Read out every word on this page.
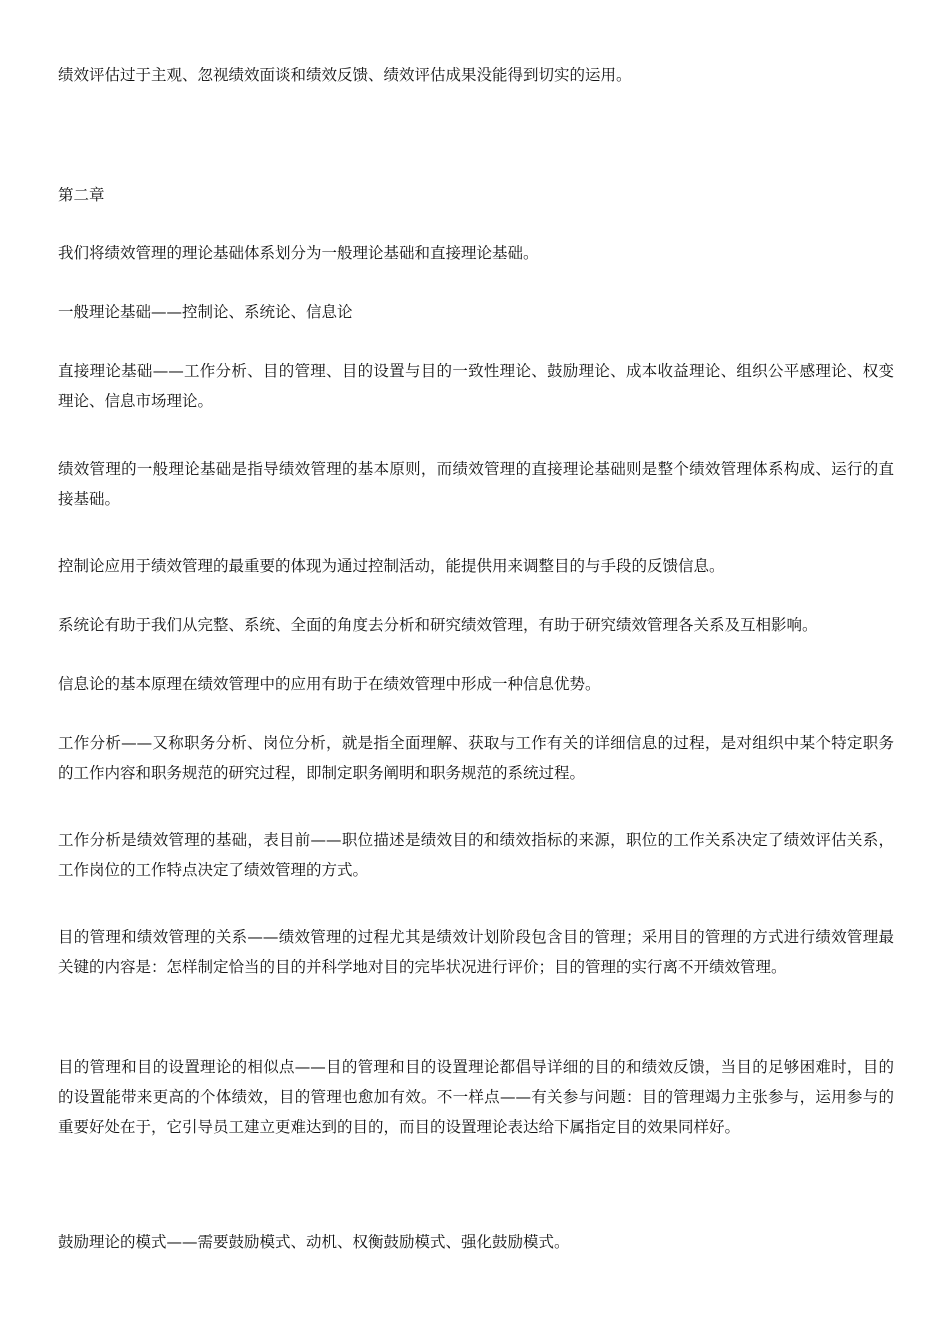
绩效评估过于主观、忽视绩效面谈和绩效反馈、绩效评估成果没能得到切实的运用。

第二章

我们将绩效管理的理论基础体系划分为一般理论基础和直接理论基础。

一般理论基础——控制论、系统论、信息论

直接理论基础——工作分析、目的管理、目的设置与目的一致性理论、鼓励理论、成本收益理论、组织公平感理论、权变理论、信息市场理论。

绩效管理的一般理论基础是指导绩效管理的基本原则，而绩效管理的直接理论基础则是整个绩效管理体系构成、运行的直接基础。

控制论应用于绩效管理的最重要的体现为通过控制活动，能提供用来调整目的与手段的反馈信息。

系统论有助于我们从完整、系统、全面的角度去分析和研究绩效管理，有助于研究绩效管理各关系及互相影响。

信息论的基本原理在绩效管理中的应用有助于在绩效管理中形成一种信息优势。

工作分析——又称职务分析、岗位分析，就是指全面理解、获取与工作有关的详细信息的过程，是对组织中某个特定职务的工作内容和职务规范的研究过程，即制定职务阐明和职务规范的系统过程。

工作分析是绩效管理的基础，表目前——职位描述是绩效目的和绩效指标的来源，职位的工作关系决定了绩效评估关系，工作岗位的工作特点决定了绩效管理的方式。

目的管理和绩效管理的关系——绩效管理的过程尤其是绩效计划阶段包含目的管理；采用目的管理的方式进行绩效管理最关键的内容是：怎样制定恰当的目的并科学地对目的完毕状况进行评价；目的管理的实行离不开绩效管理。

目的管理和目的设置理论的相似点——目的管理和目的设置理论都倡导详细的目的和绩效反馈，当目的足够困难时，目的的设置能带来更高的个体绩效，目的管理也愈加有效。不一样点——有关参与问题：目的管理竭力主张参与，运用参与的重要好处在于，它引导员工建立更难达到的目的，而目的设置理论表达给下属指定目的效果同样好。

鼓励理论的模式——需要鼓励模式、动机、权衡鼓励模式、强化鼓励模式。
